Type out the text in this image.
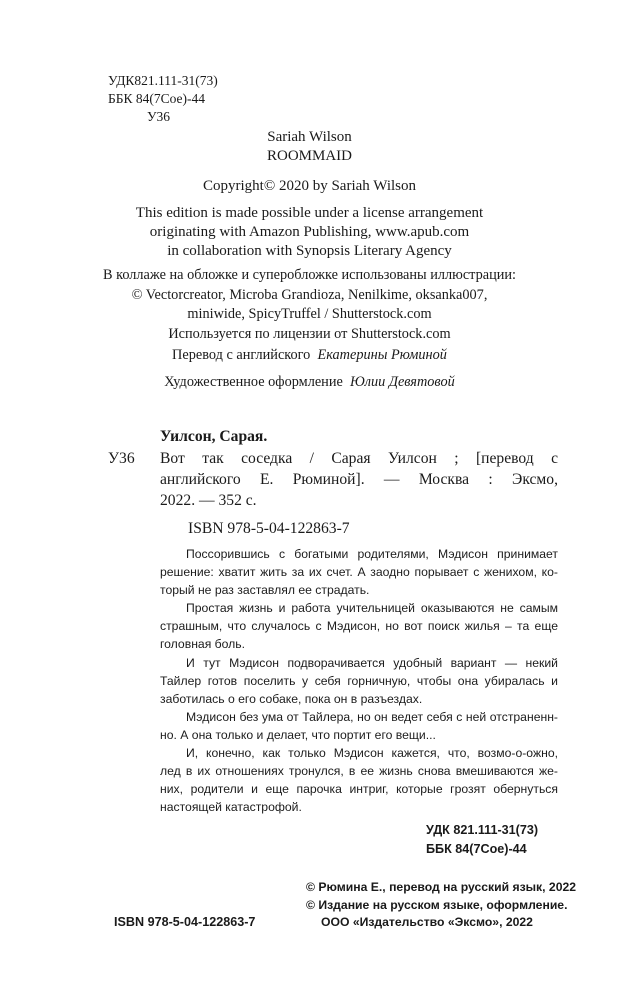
УДК821.111-31(73)
ББК 84(7Сое)-44
У36
Sariah Wilson
ROOMMAID
Copyright© 2020 by Sariah Wilson
This edition is made possible under a license arrangement
originating with Amazon Publishing, www.apub.com
in collaboration with Synopsis Literary Agency
В коллаже на обложке и суперобложке использованы иллюстрации:
© Vectorcreator, Microba Grandioza, Nenilkime, oksanka007,
miniwide, SpicyTruffel / Shutterstock.com
Используется по лицензии от Shutterstock.com
Перевод с английского Екатерины Рюминой
Художественное оформление Юлии Девятовой
Уилсон, Сарая.
У36 Вот так соседка / Сарая Уилсон ; [перевод с
английского Е. Рюминой]. — Москва : Эксмо,
2022. — 352 с.
ISBN 978-5-04-122863-7
Поссорившись с богатыми родителями, Мэдисон принимает
решение: хватит жить за их счет. А заодно порывает с женихом, ко-
торый не раз заставлял ее страдать.
Простая жизнь и работа учительницей оказываются не самым
страшным, что случалось с Мэдисон, но вот поиск жилья – та еще
головная боль.
И тут Мэдисон подворачивается удобный вариант — некий
Тайлер готов поселить у себя горничную, чтобы она убиралась и
заботилась о его собаке, пока он в разъездах.
Мэдисон без ума от Тайлера, но он ведет себя с ней отстраненн-
но. А она только и делает, что портит его вещи...
И, конечно, как только Мэдисон кажется, что, возмо-о-ожно,
лед в их отношениях тронулся, в ее жизнь снова вмешиваются же-
них, родители и еще парочка интриг, которые грозят обернуться
настоящей катастрофой.
УДК 821.111-31(73)
ББК 84(7Сое)-44
ISBN 978-5-04-122863-7
© Рюмина Е., перевод на русский язык, 2022
© Издание на русском языке, оформление.
ООО «Издательство «Эксмо», 2022
